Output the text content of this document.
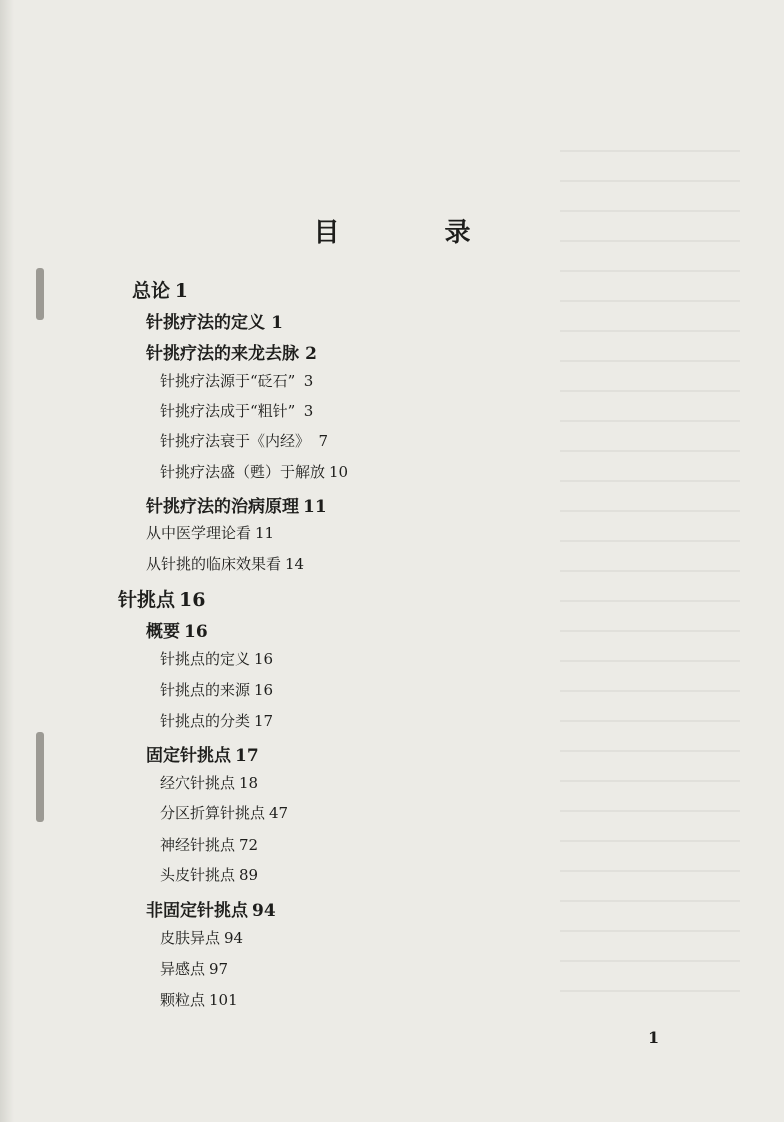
目 录
总论 1
针挑疗法的定义 1
针挑疗法的来龙去脉 2
针挑疗法源于“砭石” 3
针挑疗法成于“粗针” 3
针挑疗法衰于《内经》 7
针挑疗法盛（甦）于解放 10
针挑疗法的治病原理 11
从中医学理论看 11
从针挑的临床效果看 14
针挑点 16
概要 16
针挑点的定义 16
针挑点的来源 16
针挑点的分类 17
固定针挑点 17
经穴针挑点 18
分区折算针挑点 47
神经针挑点 72
头皮针挑点 89
非固定针挑点 94
皮肤异点 94
异感点 97
颗粒点 101
1
